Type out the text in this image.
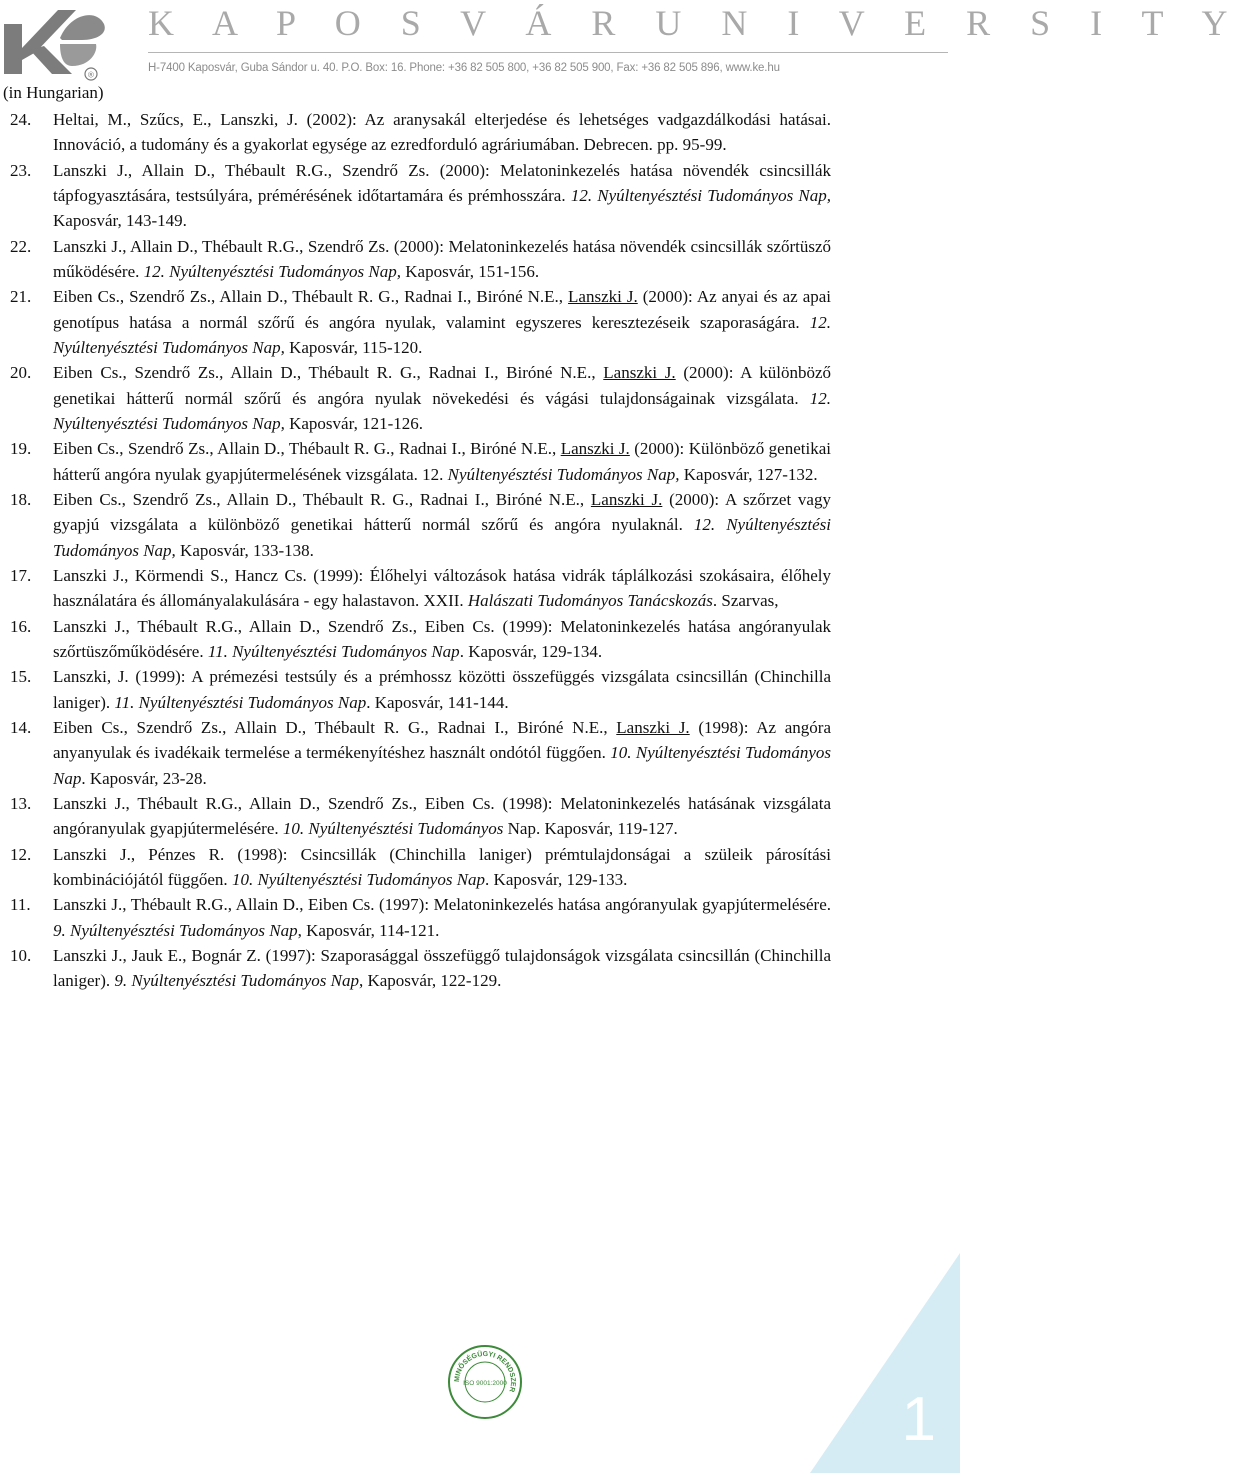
®
K A P O S V Á R U N I V E R S I T Y
H-7400 Kaposvár, Guba Sándor u. 40. P.O. Box: 16. Phone: +36 82 505 800, +36 82 505 900, Fax: +36 82 505 896, www.ke.hu
(in Hungarian)
24.	Heltai, M., Szűcs, E., Lanszki, J. (2002): Az aranysakál elterjedése és lehetséges vadgazdálkodási hatásai. Innováció, a tudomány és a gyakorlat egysége az ezredforduló agráriumában. Debrecen. pp. 95-99.
23.	Lanszki J., Allain D., Thébault R.G., Szendrő Zs. (2000): Melatoninkezelés hatása növendék csincsillák tápfogyasztására, testsúlyára, prémérésének időtartamára és prémhosszára. 12. Nyúltenyésztési Tudományos Nap, Kaposvár, 143-149.
22.	Lanszki J., Allain D., Thébault R.G., Szendrő Zs. (2000): Melatoninkezelés hatása növendék csincsillák szőrtüsző működésére. 12. Nyúltenyésztési Tudományos Nap, Kaposvár, 151-156.
21.	Eiben Cs., Szendrő Zs., Allain D., Thébault R. G., Radnai I., Biróné N.E., Lanszki J. (2000): Az anyai és az apai genotípus hatása a normál szőrű és angóra nyulak, valamint egyszeres keresztezéseik szaporaságára. 12. Nyúltenyésztési Tudományos Nap, Kaposvár, 115-120.
20.	Eiben Cs., Szendrő Zs., Allain D., Thébault R. G., Radnai I., Biróné N.E., Lanszki J. (2000): A különböző genetikai hátterű normál szőrű és angóra nyulak növekedési és vágási tulajdonságainak vizsgálata. 12. Nyúltenyésztési Tudományos Nap, Kaposvár, 121-126.
19.	Eiben Cs., Szendrő Zs., Allain D., Thébault R. G., Radnai I., Biróné N.E., Lanszki J. (2000): Különböző genetikai hátterű angóra nyulak gyapjútermelésének vizsgálata. 12. Nyúltenyésztési Tudományos Nap, Kaposvár, 127-132.
18.	Eiben Cs., Szendrő Zs., Allain D., Thébault R. G., Radnai I., Biróné N.E., Lanszki J. (2000): A szőrzet vagy gyapjú vizsgálata a különböző genetikai hátterű normál szőrű és angóra nyulaknál. 12. Nyúltenyésztési Tudományos Nap, Kaposvár, 133-138.
17.	Lanszki J., Körmendi S., Hancz Cs. (1999): Élőhelyi változások hatása vidrák táplálkozási szokásaira, élőhely használatára és állományalakulására - egy halastavon. XXII. Halászati Tudományos Tanácskozás. Szarvas,
16.	Lanszki J., Thébault R.G., Allain D., Szendrő Zs., Eiben Cs. (1999): Melatoninkezelés hatása angóranyulak szőrtüszőműködésére. 11. Nyúltenyésztési Tudományos Nap. Kaposvár, 129-134.
15.	Lanszki, J. (1999): A prémezési testsúly és a prémhossz közötti összefüggés vizsgálata csincsillán (Chinchilla laniger). 11. Nyúltenyésztési Tudományos Nap. Kaposvár, 141-144.
14.	Eiben Cs., Szendrő Zs., Allain D., Thébault R. G., Radnai I., Biróné N.E., Lanszki J. (1998): Az angóra anyanyulak és ivadékaik termelése a termékenyítéshez használt ondótól függően. 10. Nyúltenyésztési Tudományos Nap. Kaposvár, 23-28.
13.	Lanszki J., Thébault R.G., Allain D., Szendrő Zs., Eiben Cs. (1998): Melatoninkezelés hatásának vizsgálata angóranyulak gyapjútermelésére. 10. Nyúltenyésztési Tudományos Nap. Kaposvár, 119-127.
12.	Lanszki J., Pénzes R. (1998): Csincsillák (Chinchilla laniger) prémtulajdonságai a szüleik párosítási kombinációjától függően. 10. Nyúltenyésztési Tudományos Nap. Kaposvár, 129-133.
11.	Lanszki J., Thébault R.G., Allain D., Eiben Cs. (1997): Melatoninkezelés hatása angóranyulak gyapjútermelésére. 9. Nyúltenyésztési Tudományos Nap, Kaposvár, 114-121.
10.	Lanszki J., Jauk E., Bognár Z. (1997): Szaporasággal összefüggő tulajdonságok vizsgálata csincsillán (Chinchilla laniger). 9. Nyúltenyésztési Tudományos Nap, Kaposvár, 122-129.
1
MINŐSÉGÜGYI RENDSZER
ISO 9001:2000
